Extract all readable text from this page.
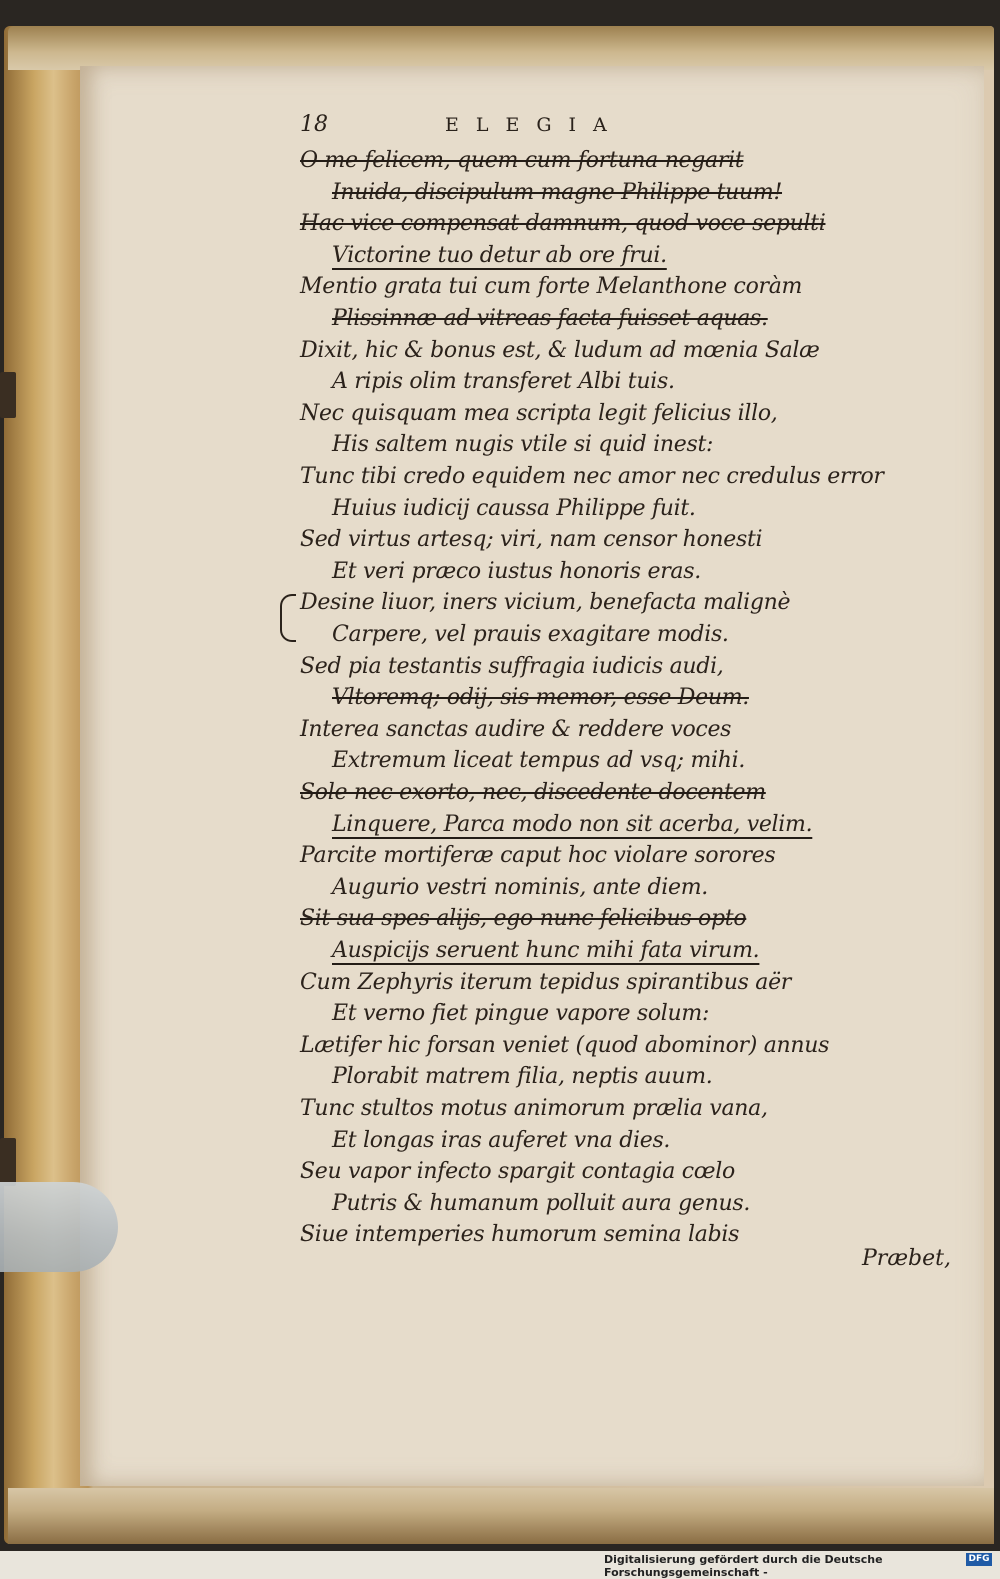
18	ELEGIA
O me felicem, quem cum fortuna negarit
Inuida, discipulum magne Philippe tuum!
Hac vice compensat damnum, quod voce sepulti
Victorine tuo detur ab ore frui.
Mentio grata tui cum forte Melanthone coràm
Plissinnæ ad vitreas facta fuisset aquas.
Dixit, hic & bonus est, & ludum ad mœnia Salæ
A ripis olim transferet Albi tuis.
Nec quisquam mea scripta legit felicius illo,
His saltem nugis vtile si quid inest:
Tunc tibi credo equidem nec amor nec credulus error
Huius iudicij caussa Philippe fuit.
Sed virtus artesq; viri, nam censor honesti
Et veri præco iustus honoris eras.
Desine liuor, iners vicium, benefacta malignè
Carpere, vel prauis exagitare modis.
Sed pia testantis suffragia iudicis audi,
Vltoremq; odij, sis memor, esse Deum.
Interea sanctas audire & reddere voces
Extremum liceat tempus ad vsq; mihi.
Sole nec exorto, nec, discedente docentem
Linquere, Parca modo non sit acerba, velim.
Parcite mortiferæ caput hoc violare sorores
Augurio vestri nominis, ante diem.
Sit sua spes alijs, ego nunc felicibus opto
Auspicijs seruent hunc mihi fata virum.
Cum Zephyris iterum tepidus spirantibus aër
Et verno fiet pingue vapore solum:
Lætifer hic forsan veniet (quod abominor) annus
Plorabit matrem filia, neptis auum.
Tunc stultos motus animorum prælia vana,
Et longas iras auferet vna dies.
Seu vapor infecto spargit contagia cœlo
Putris & humanum polluit aura genus.
Siue intemperies humorum semina labis
Præbet,
Digitalisierung gefördert durch die Deutsche Forschungsgemeinschaft -
DFG
